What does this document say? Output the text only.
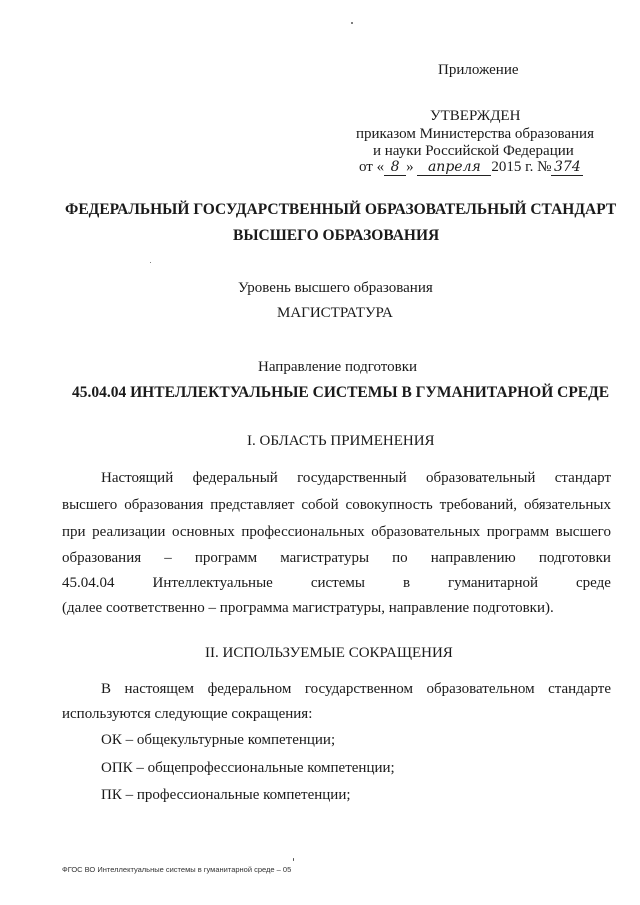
Приложение
УТВЕРЖДЕН
приказом Министерства образования
и науки Российской Федерации
от « 8 » апреля 2015 г. № 374
ФЕДЕРАЛЬНЫЙ ГОСУДАРСТВЕННЫЙ ОБРАЗОВАТЕЛЬНЫЙ СТАНДАРТ
ВЫСШЕГО ОБРАЗОВАНИЯ
Уровень высшего образования
МАГИСТРАТУРА
Направление подготовки
45.04.04 ИНТЕЛЛЕКТУАЛЬНЫЕ СИСТЕМЫ В ГУМАНИТАРНОЙ СРЕДЕ
I. ОБЛАСТЬ ПРИМЕНЕНИЯ
Настоящий федеральный государственный образовательный стандарт
высшего образования представляет собой совокупность требований, обязательных
при реализации основных профессиональных образовательных программ высшего
образования – программ магистратуры по направлению подготовки
45.04.04	Интеллектуальные	системы	в	гуманитарной	среде
(далее соответственно – программа магистратуры, направление подготовки).
II. ИСПОЛЬЗУЕМЫЕ СОКРАЩЕНИЯ
В настоящем федеральном государственном образовательном стандарте
используются следующие сокращения:
ОК – общекультурные компетенции;
ОПК – общепрофессиональные компетенции;
ПК – профессиональные компетенции;
ФГОС ВО Интеллектуальные системы в гуманитарной среде – 05
